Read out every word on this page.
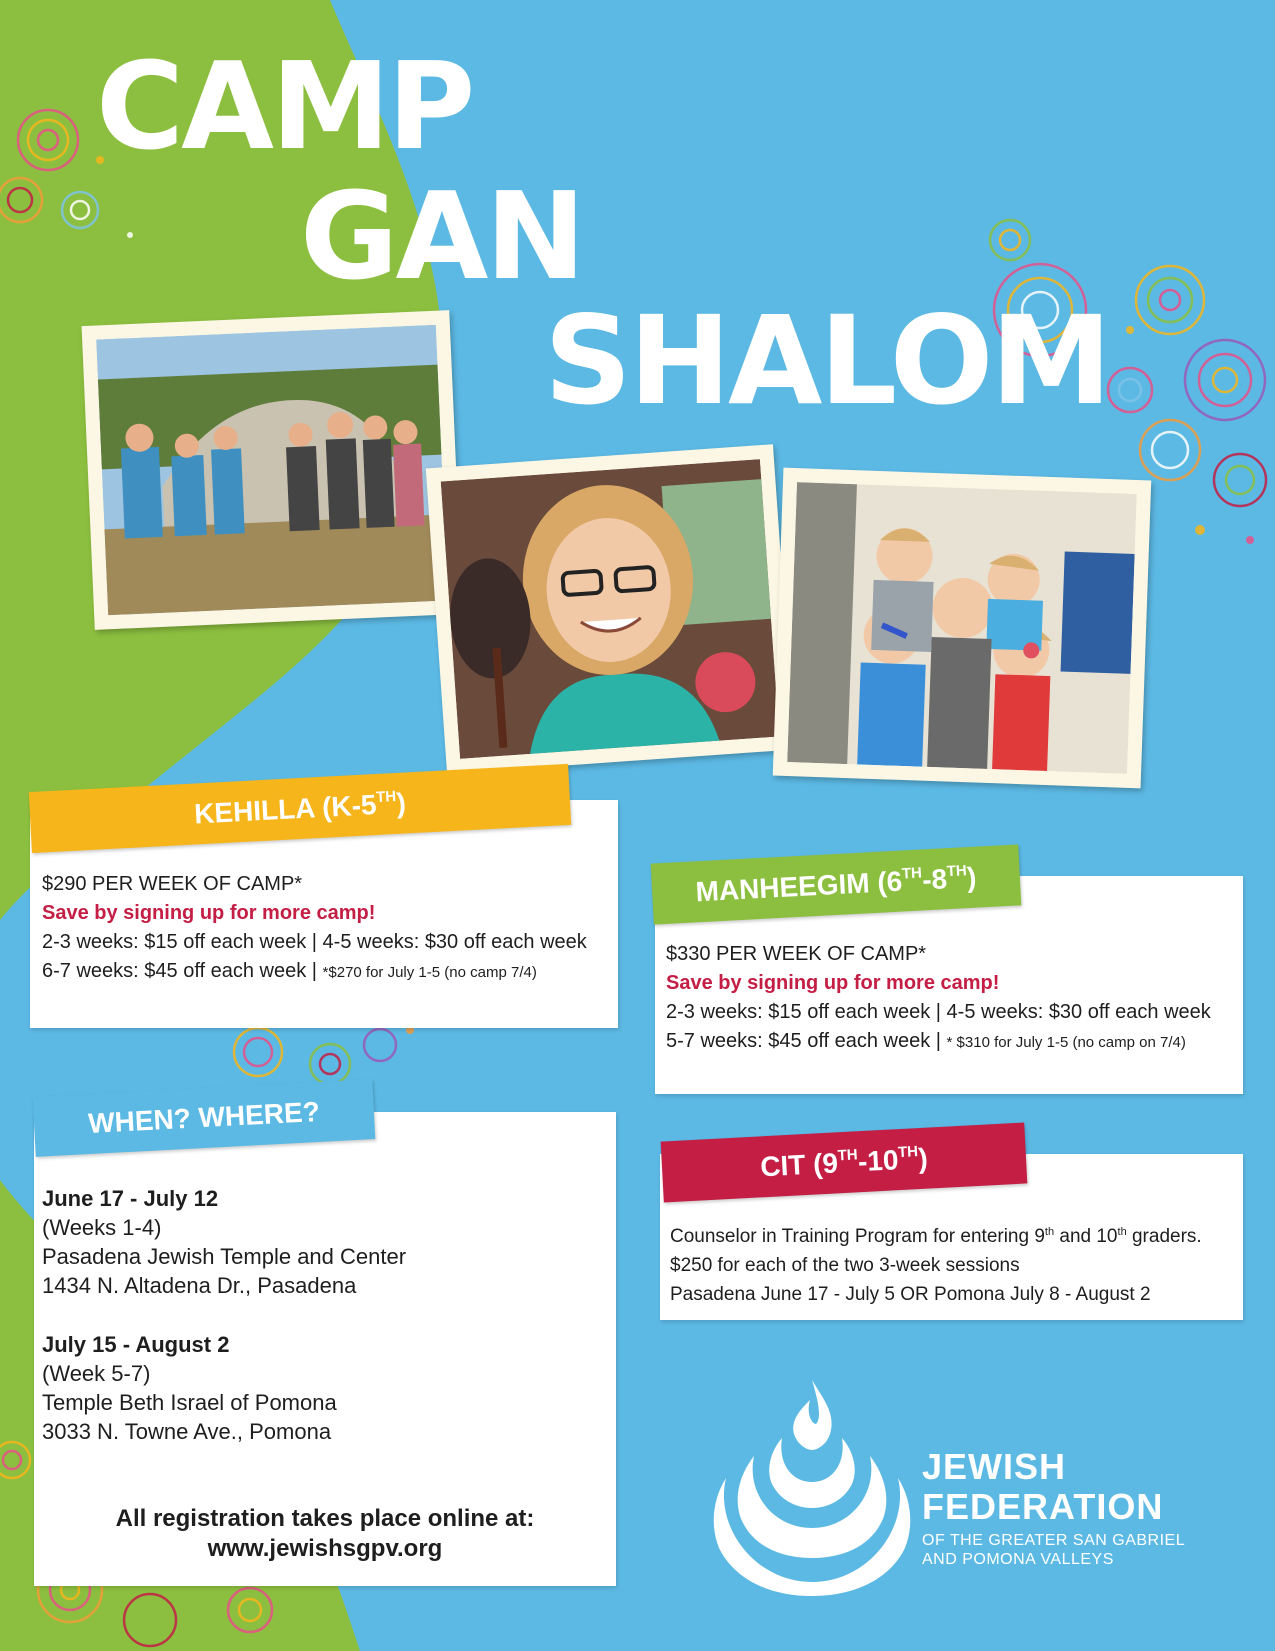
CAMP
GAN
SHALOM
KEHILLA (K-5TH)
$290 PER WEEK OF CAMP*
Save by signing up for more camp!
2-3 weeks: $15 off each week | 4-5 weeks: $30 off each week
6-7 weeks: $45 off each week | *$270 for July 1-5 (no camp 7/4)
MANHEEGIM (6TH-8TH)
$330 PER WEEK OF CAMP*
Save by signing up for more camp!
2-3 weeks: $15 off each week | 4-5 weeks: $30 off each week
5-7 weeks: $45 off each week | * $310 for July 1-5 (no camp on 7/4)
WHEN? WHERE?
June 17 - July 12
(Weeks 1-4)
Pasadena Jewish Temple and Center
1434 N. Altadena Dr., Pasadena
July 15 - August 2
(Week 5-7)
Temple Beth Israel of Pomona
3033 N. Towne Ave., Pomona
All registration takes place online at:
www.jewishsgpv.org
CIT (9TH-10TH)
Counselor in Training Program for entering 9th and 10th graders.
$250 for each of the two 3-week sessions
Pasadena June 17 - July 5 OR Pomona July 8 - August 2
JEWISH
FEDERATION
OF THE GREATER SAN GABRIEL
AND POMONA VALLEYS
